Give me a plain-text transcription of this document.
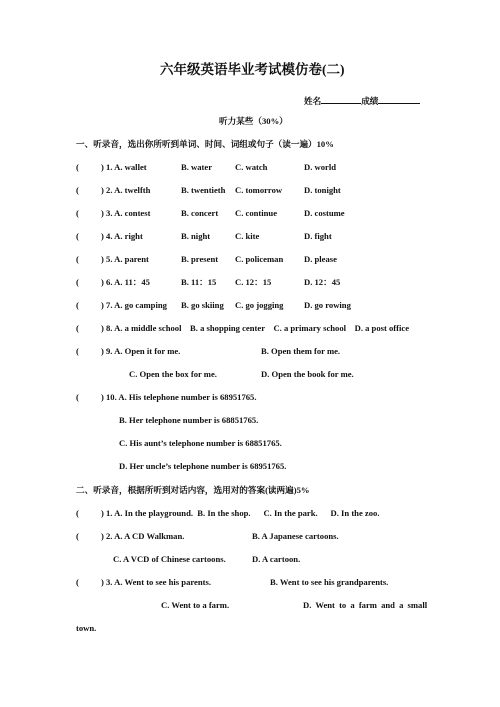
六年级英语毕业考试模仿卷(二)
姓名	成绩
听力某些（30%）
一、听录音，选出你所听到单词、时间、词组或句子（读一遍）10%
(	) 1. A. wallet	B. water	C. watch	D. world
(	) 2. A. twelfth	B. twentieth C. tomorrow	D. tonight
(	) 3. A. contest	B. concert C. continue	D. costume
(	) 4. A. right	B. night	C. kite	D. fight
(	) 5. A. parent	B. present C. policeman D. please
(	) 6. A. 11：45	B. 11：15 C. 12：15	D. 12：45
(	) 7. A. go camping B. go skiing C. go jogging D. go rowing
(	) 8. A. a middle school    B. a shopping center    C. a primary school    D. a post office
(	) 9. A. Open it for me.	B. Open them for me.
C. Open the box for me.	D. Open the book for me.
(	) 10. A. His telephone number is 68951765.
B. Her telephone number is 68851765.
C. His aunt’s telephone number is 68851765.
D. Her uncle’s telephone number is 68951765.
二、听录音，根据所听到对话内容，选用对的答案(读两遍)5%
(	) 1. A. In the playground.  B. In the shop.      C. In the park.      D. In the zoo.
(	) 2. A. A CD Walkman.	B. A Japanese cartoons.
C. A VCD of Chinese cartoons.	D. A cartoon.
(	) 3. A. Went to see his parents.	B. Went to see his grandparents.
C. Went to a farm.	D. Went to a farm and a small
town.
